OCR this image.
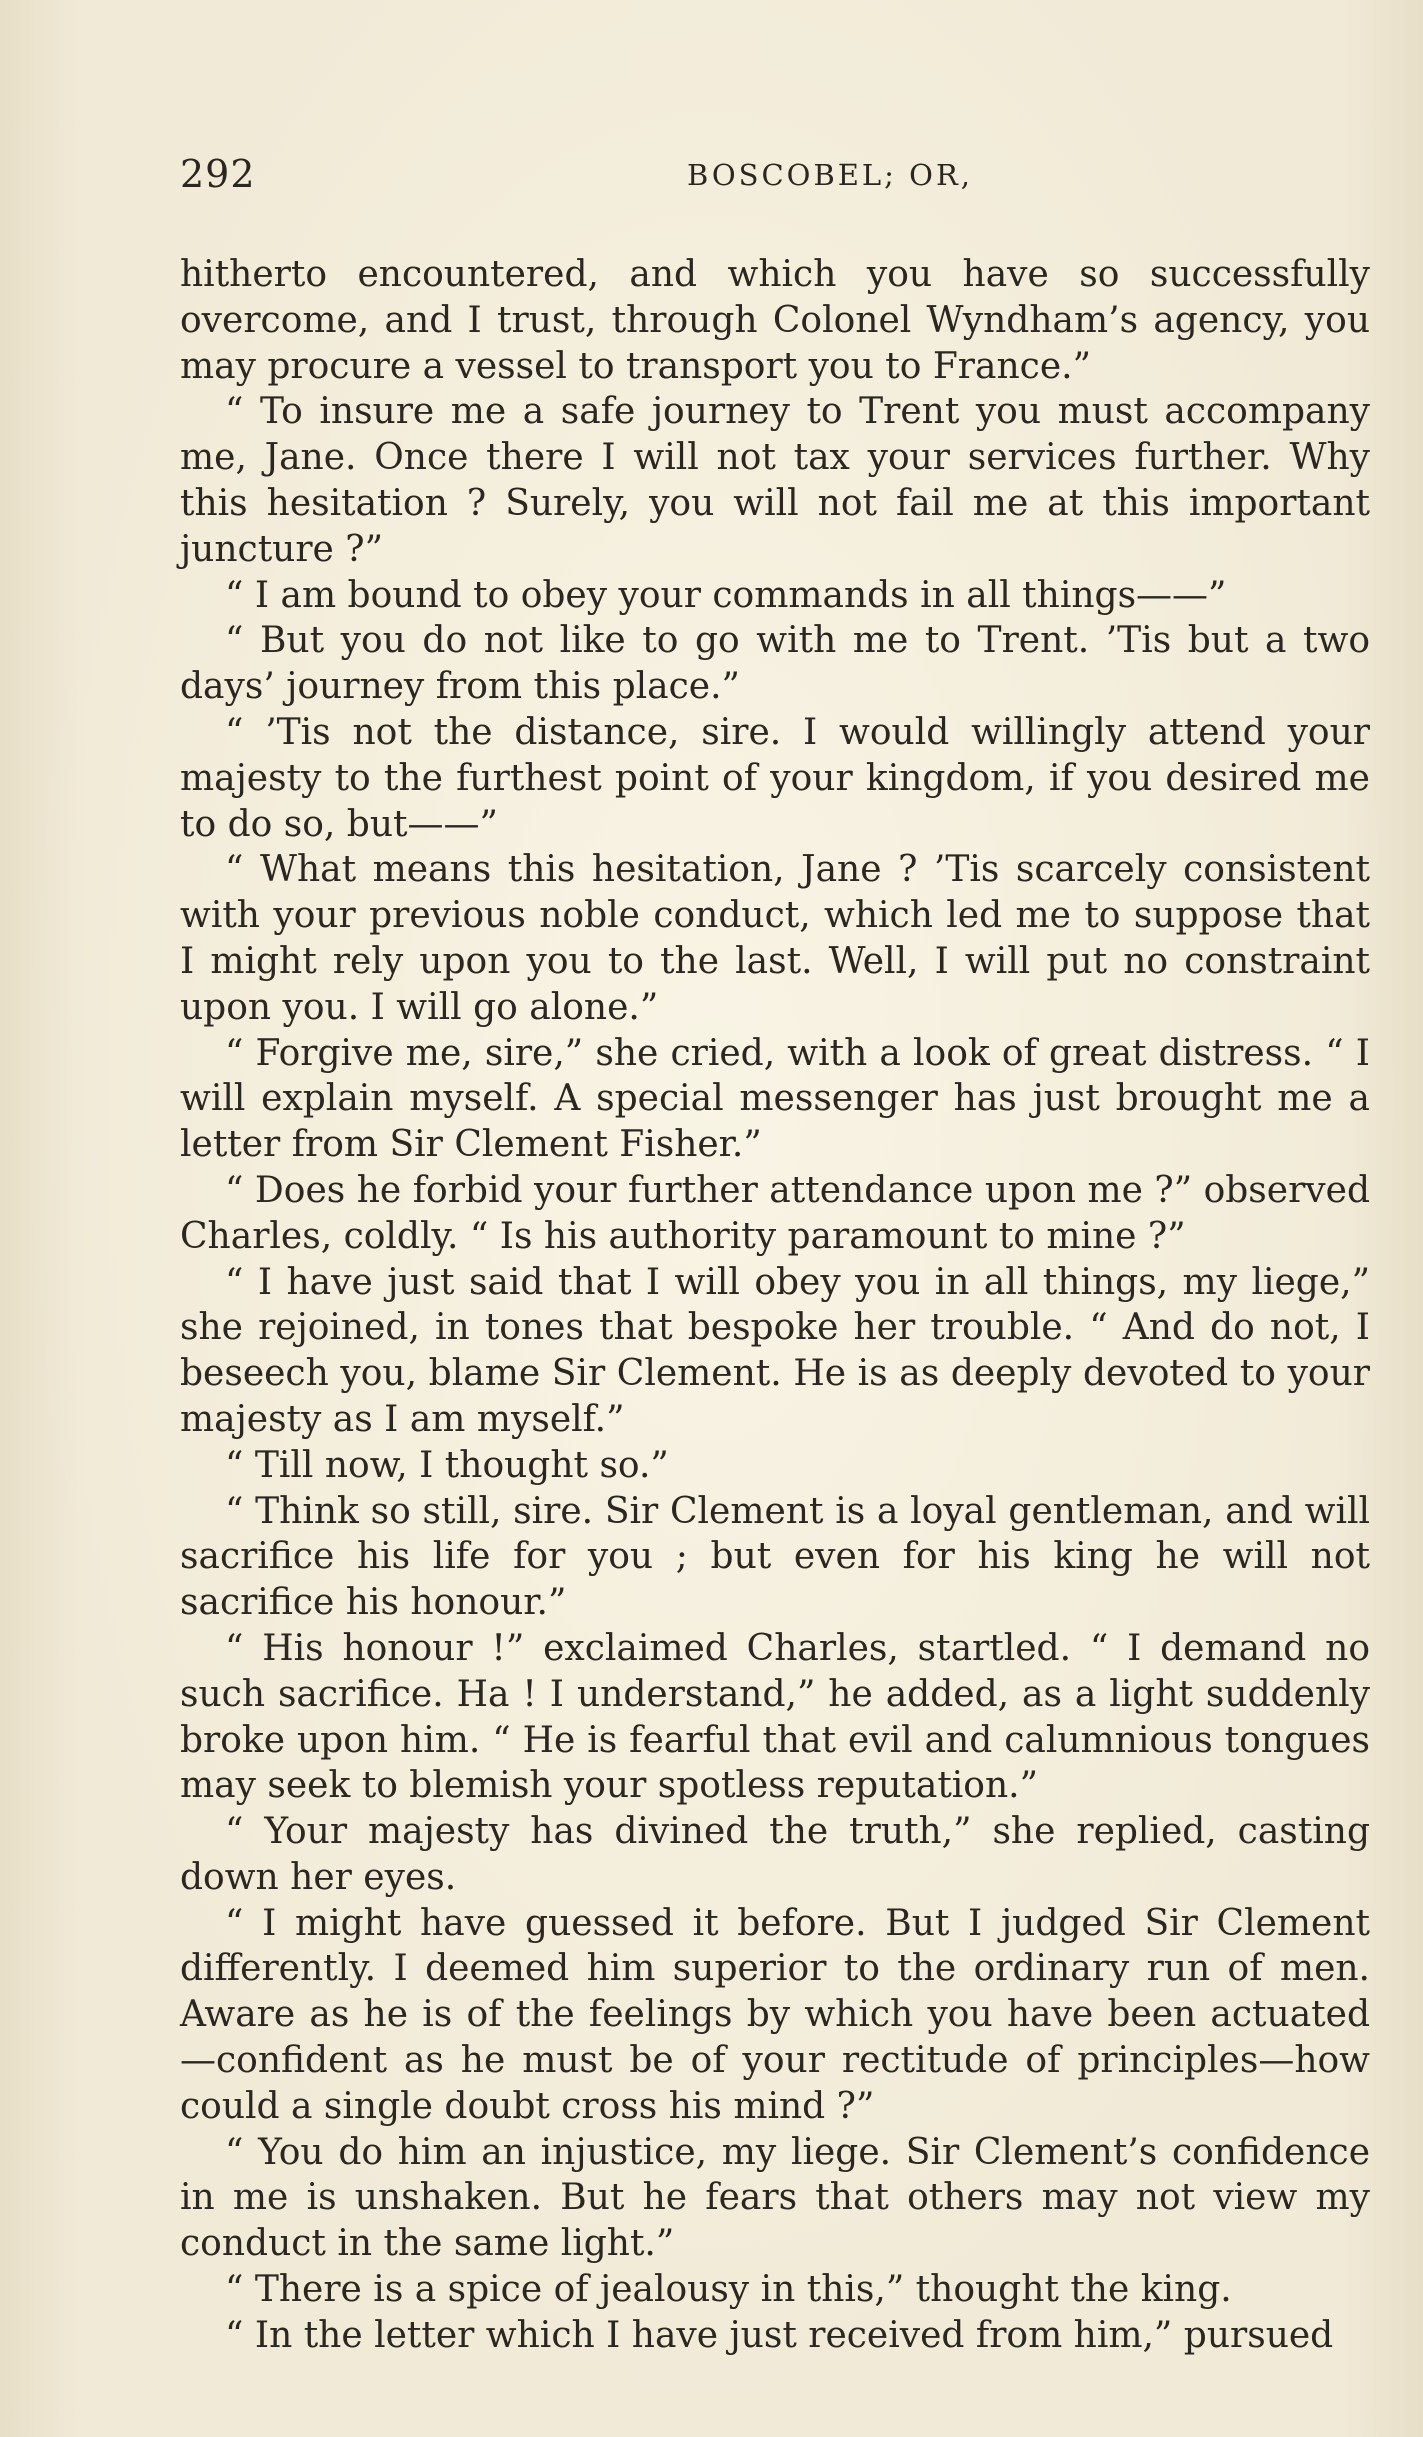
292	BOSCOBEL; OR,

hitherto encountered, and which you have so successfully overcome, and I trust, through Colonel Wyndham’s agency, you may procure a vessel to transport you to France.”

“ To insure me a safe journey to Trent you must accompany me, Jane. Once there I will not tax your services further. Why this hesitation ? Surely, you will not fail me at this important juncture ?”

“ I am bound to obey your commands in all things——”

“ But you do not like to go with me to Trent. ’Tis but a two days’ journey from this place.”

“ ’Tis not the distance, sire. I would willingly attend your majesty to the furthest point of your kingdom, if you desired me to do so, but——”

“ What means this hesitation, Jane ? ’Tis scarcely consistent with your previous noble conduct, which led me to suppose that I might rely upon you to the last. Well, I will put no constraint upon you. I will go alone.”

“ Forgive me, sire,” she cried, with a look of great distress. “ I will explain myself. A special messenger has just brought me a letter from Sir Clement Fisher.”

“ Does he forbid your further attendance upon me ?” observed Charles, coldly. “ Is his authority paramount to mine ?”

“ I have just said that I will obey you in all things, my liege,” she rejoined, in tones that bespoke her trouble. “ And do not, I beseech you, blame Sir Clement. He is as deeply devoted to your majesty as I am myself.”

“ Till now, I thought so.”

“ Think so still, sire. Sir Clement is a loyal gentleman, and will sacrifice his life for you ; but even for his king he will not sacrifice his honour.”

“ His honour !” exclaimed Charles, startled. “ I demand no such sacrifice. Ha ! I understand,” he added, as a light suddenly broke upon him. “ He is fearful that evil and calumnious tongues may seek to blemish your spotless reputation.”

“ Your majesty has divined the truth,” she replied, casting down her eyes.

“ I might have guessed it before. But I judged Sir Clement differently. I deemed him superior to the ordinary run of men. Aware as he is of the feelings by which you have been actuated —confident as he must be of your rectitude of principles—how could a single doubt cross his mind ?”

“ You do him an injustice, my liege. Sir Clement’s confidence in me is unshaken. But he fears that others may not view my conduct in the same light.”

“ There is a spice of jealousy in this,” thought the king.

“ In the letter which I have just received from him,” pursued
